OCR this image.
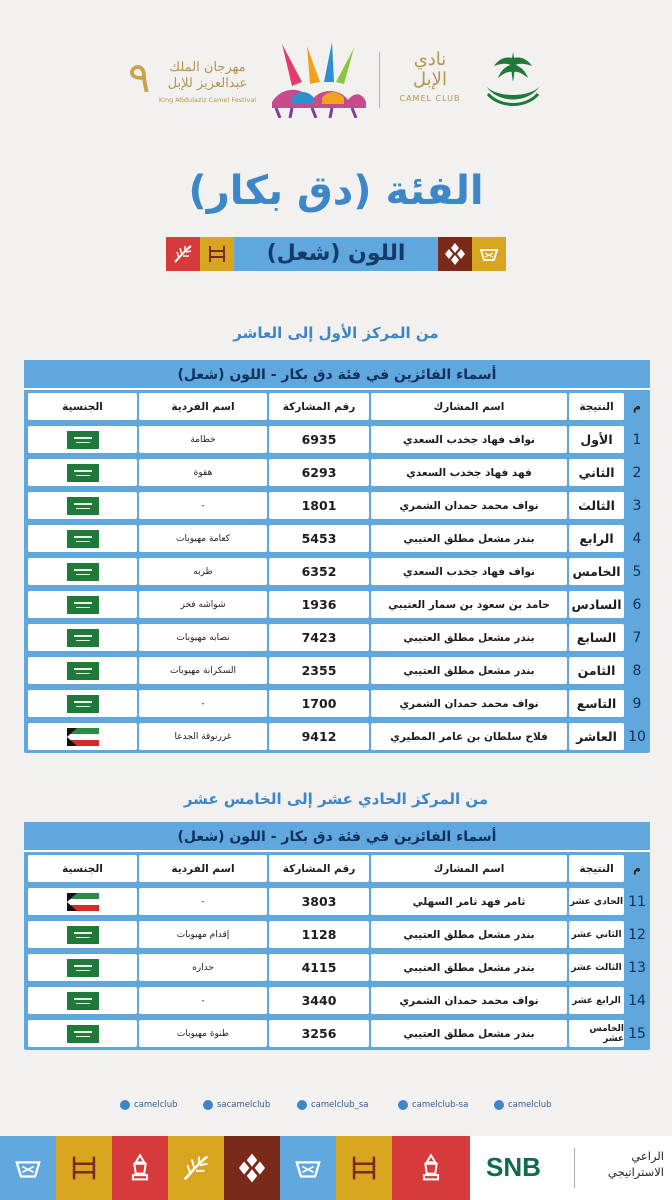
نادي الإبل
CAMEL CLUB
مهرجان الملك عبدالعزيز للإبل
King Abdulaziz Camel Festival
٩
الفئة (دق بكار)
اللون (شعل)
من المركز الأول إلى العاشر
أسماء الفائزين في فئة دق بكار - اللون (شعل)
م
النتيجة
اسم المشارك
رقم المشاركة
اسم الفردية
الجنسية
1
الأول
نواف فهاد جخدب السعدي
6935
خطامة
2
الثاني
فهد فهاد جخدب السعدي
6293
هقوة
3
الثالث
نواف محمد حمدان الشمري
1801
-
4
الرابع
بندر مشعل مطلق العتيبي
5453
كعامة مهيوبات
5
الخامس
نواف فهاد جخدب السعدي
6352
ظربه
6
السادس
حامد بن سعود بن سمار العتيبي
1936
شواشه فخر
7
السابع
بندر مشعل مطلق العتيبي
7423
نصابه مهيوبات
8
الثامن
بندر مشعل مطلق العتيبي
2355
السكرانة مهيوبات
9
التاسع
نواف محمد حمدان الشمري
1700
-
10
العاشر
فلاح سلطان بن عامر المطيري
9412
غررنوقة الجدعا
من المركز الحادي عشر إلى الخامس عشر
أسماء الفائزين في فئة دق بكار - اللون (شعل)
م
النتيجة
اسم المشارك
رقم المشاركة
اسم الفردية
الجنسية
11
الحادي عشر
ثامر فهد ثامر السهلي
3803
-
12
الثاني عشر
بندر مشعل مطلق العتيبي
1128
إقدام مهيوبات
13
الثالث عشر
بندر مشعل مطلق العتيبي
4115
حداره
14
الرابع عشر
نواف محمد حمدان الشمري
3440
-
15
الخامس عشر
بندر مشعل مطلق العتيبي
3256
طنوة مهيوبات
camelclub
camelclub-sa
camelclub_sa
sacamelclub
camelclub
SNB	الراعي الاستراتيجي
